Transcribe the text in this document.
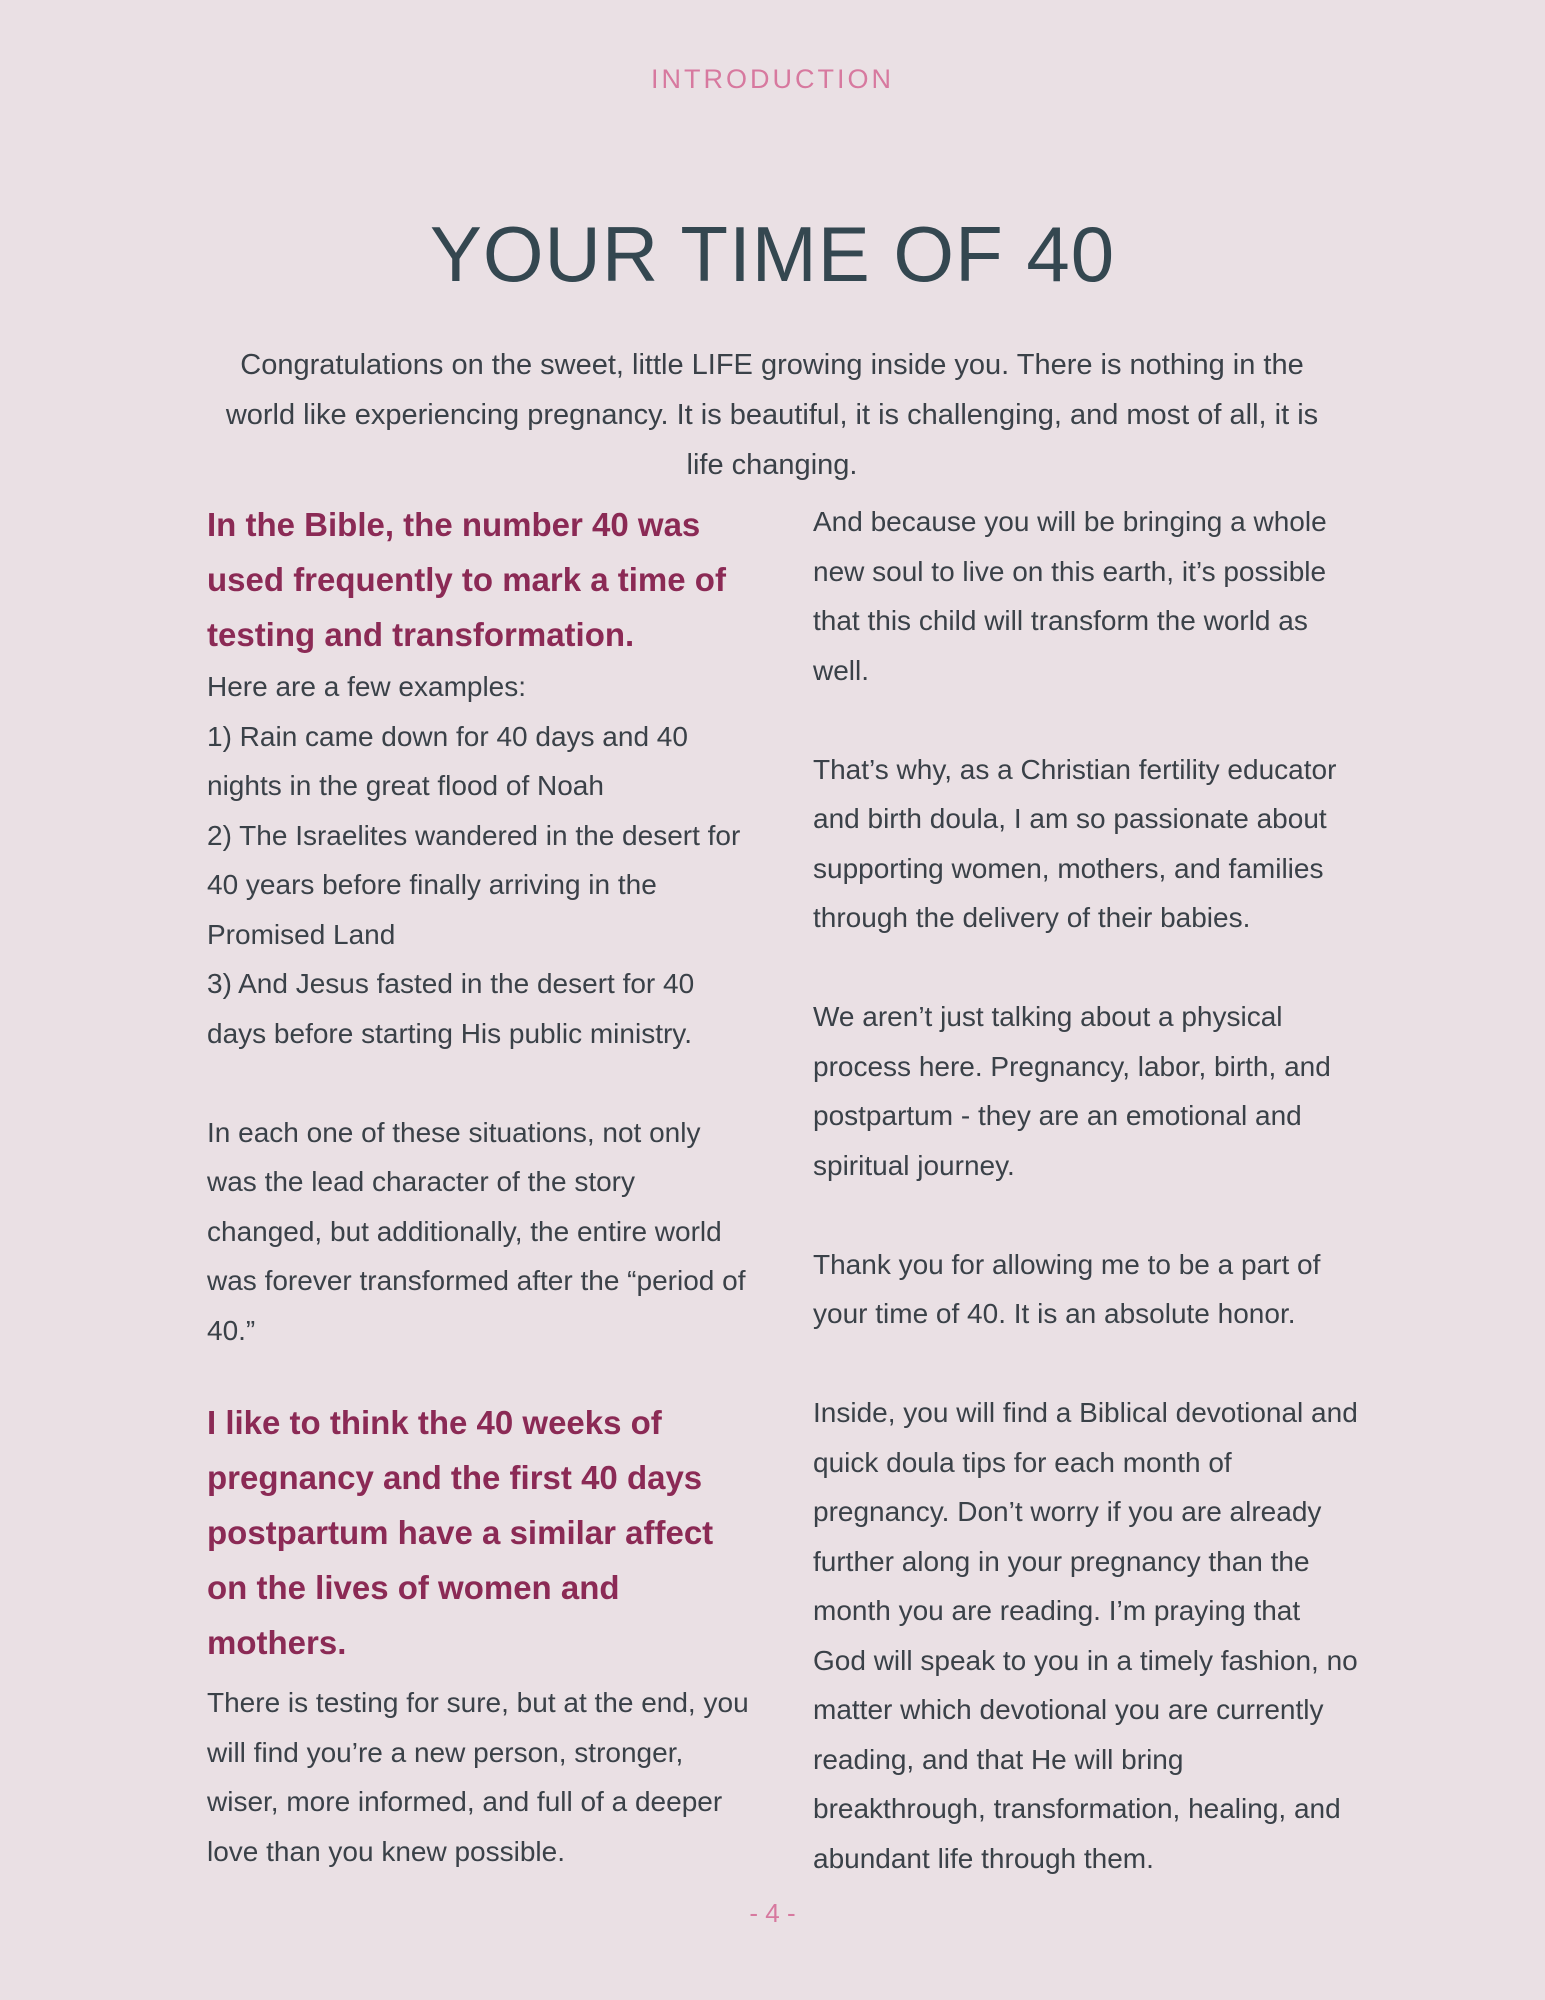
INTRODUCTION
YOUR TIME OF 40

Congratulations on the sweet, little LIFE growing inside you. There is nothing in the world like experiencing pregnancy. It is beautiful, it is challenging, and most of all, it is life changing.

In the Bible, the number 40 was used frequently to mark a time of testing and transformation.

Here are a few examples:

1) Rain came down for 40 days and 40 nights in the great flood of Noah

2) The Israelites wandered in the desert for 40 years before finally arriving in the Promised Land

3) And Jesus fasted in the desert for 40 days before starting His public ministry.

In each one of these situations, not only was the lead character of the story changed, but additionally, the entire world was forever transformed after the “period of 40.”

I like to think the 40 weeks of pregnancy and the first 40 days postpartum have a similar affect on the lives of women and mothers.

There is testing for sure, but at the end, you will find you’re a new person, stronger, wiser, more informed, and full of a deeper love than you knew possible.

And because you will be bringing a whole new soul to live on this earth, it’s possible that this child will transform the world as well.

That’s why, as a Christian fertility educator and birth doula, I am so passionate about supporting women, mothers, and families through the delivery of their babies.

We aren’t just talking about a physical process here. Pregnancy, labor, birth, and postpartum - they are an emotional and spiritual journey.

Thank you for allowing me to be a part of your time of 40. It is an absolute honor.

Inside, you will find a Biblical devotional and quick doula tips for each month of pregnancy. Don’t worry if you are already further along in your pregnancy than the month you are reading. I’m praying that God will speak to you in a timely fashion, no matter which devotional you are currently reading, and that He will bring breakthrough, transformation, healing, and abundant life through them.

- 4 -
